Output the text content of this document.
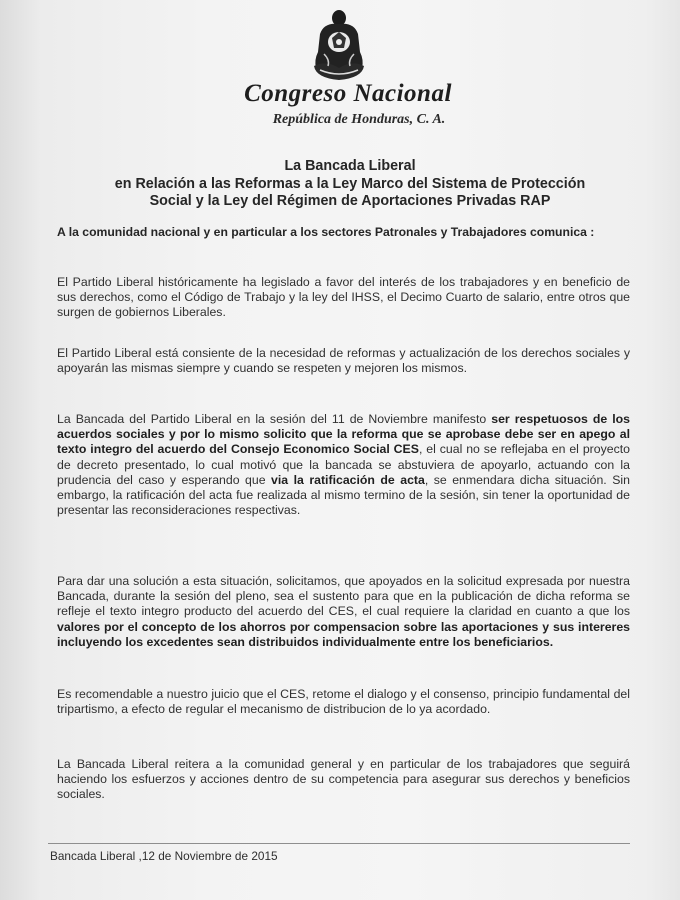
Congreso Nacional
República de Honduras, C. A.
La Bancada Liberal
en Relación a las Reformas a la Ley Marco del Sistema de Protección
Social y la Ley del Régimen de Aportaciones Privadas RAP
A la comunidad nacional y en particular a los sectores Patronales y Trabajadores comunica :
El Partido Liberal históricamente ha legislado a favor del interés de los trabajadores y en beneficio de sus derechos, como el Código de Trabajo y la ley del IHSS, el Decimo Cuarto de salario, entre otros que surgen de gobiernos Liberales.
El Partido Liberal está consiente de la necesidad de reformas y actualización de los derechos sociales y apoyarán las mismas siempre y cuando se respeten y mejoren los mismos.
La Bancada del Partido Liberal en la sesión del 11 de Noviembre manifesto ser respetuosos de los acuerdos sociales y por lo mismo solicito que la reforma que se aprobase debe ser en apego al texto integro del acuerdo del Consejo Economico Social CES, el cual no se reflejaba en el proyecto de decreto presentado, lo cual motivó que la bancada se abstuviera de apoyarlo, actuando con la prudencia del caso y esperando que via la ratificación de acta, se enmendara dicha situación. Sin embargo, la ratificación del acta fue realizada al mismo termino de la sesión, sin tener la oportunidad de presentar las reconsideraciones respectivas.
Para dar una solución a esta situación, solicitamos, que apoyados en la solicitud expresada por nuestra Bancada, durante la sesión del pleno, sea el sustento para que en la publicación de dicha reforma se refleje el texto integro producto del acuerdo del CES, el cual requiere la claridad en cuanto a que los valores por el concepto de los ahorros por compensacion sobre las aportaciones y sus intereres incluyendo los excedentes sean distribuidos individualmente entre los beneficiarios.
Es recomendable a nuestro juicio que el CES, retome el dialogo y el consenso, principio fundamental del tripartismo, a efecto de regular el mecanismo de distribucion de lo ya acordado.
La Bancada Liberal reitera a la comunidad general y en particular de los trabajadores que seguirá haciendo los esfuerzos y acciones dentro de su competencia para asegurar sus derechos y beneficios sociales.
Bancada Liberal ,12 de Noviembre de 2015
